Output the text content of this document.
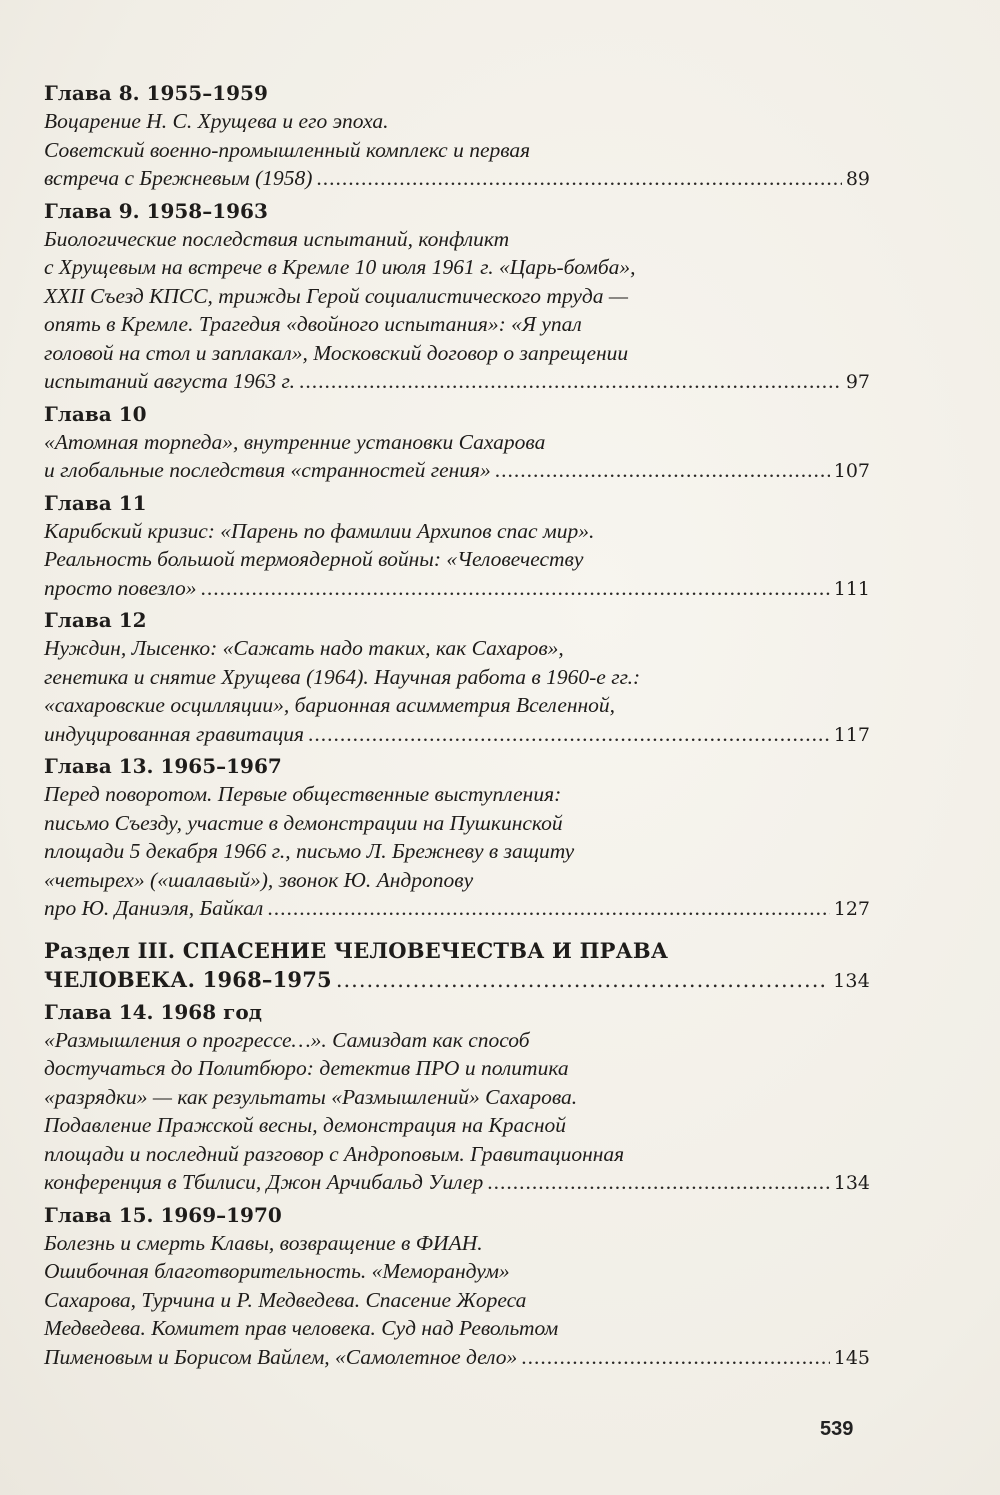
Глава 8. 1955–1959
Воцарение Н. С. Хрущева и его эпоха.
Советский военно-промышленный комплекс и первая
встреча с Брежневым (1958) .....	89
Глава 9. 1958–1963
Биологические последствия испытаний, конфликт
с Хрущевым на встрече в Кремле 10 июля 1961 г. «Царь-бомба»,
XXII Съезд КПСС, трижды Герой социалистического труда —
опять в Кремле. Трагедия «двойного испытания»: «Я упал
головой на стол и заплакал», Московский договор о запрещении
испытаний августа 1963 г. .....	97
Глава 10
«Атомная торпеда», внутренние установки Сахарова
и глобальные последствия «странностей гения» .....	107
Глава 11
Карибский кризис: «Парень по фамилии Архипов спас мир».
Реальность большой термоядерной войны: «Человечеству
просто повезло» .....	111
Глава 12
Нуждин, Лысенко: «Сажать надо таких, как Сахаров»,
генетика и снятие Хрущева (1964). Научная работа в 1960-е гг.:
«сахаровские осцилляции», барионная асимметрия Вселенной,
индуцированная гравитация .....	117
Глава 13. 1965–1967
Перед поворотом. Первые общественные выступления:
письмо Съезду, участие в демонстрации на Пушкинской
площади 5 декабря 1966 г., письмо Л. Брежневу в защиту
«четырех» («шалавый»), звонок Ю. Андропову
про Ю. Даниэля, Байкал .....	127
Раздел III. СПАСЕНИЕ ЧЕЛОВЕЧЕСТВА И ПРАВА
ЧЕЛОВЕКА. 1968–1975 .....	134
Глава 14. 1968 год
«Размышления о прогрессе…». Самиздат как способ
достучаться до Политбюро: детектив ПРО и политика
«разрядки» — как результаты «Размышлений» Сахарова.
Подавление Пражской весны, демонстрация на Красной
площади и последний разговор с Андроповым. Гравитационная
конференция в Тбилиси, Джон Арчибальд Уилер .....	134
Глава 15. 1969–1970
Болезнь и смерть Клавы, возвращение в ФИАН.
Ошибочная благотворительность. «Меморандум»
Сахарова, Турчина и Р. Медведева. Спасение Жореса
Медведева. Комитет прав человека. Суд над Револьтом
Пименовым и Борисом Вайлем, «Самолетное дело» .....	145
539
